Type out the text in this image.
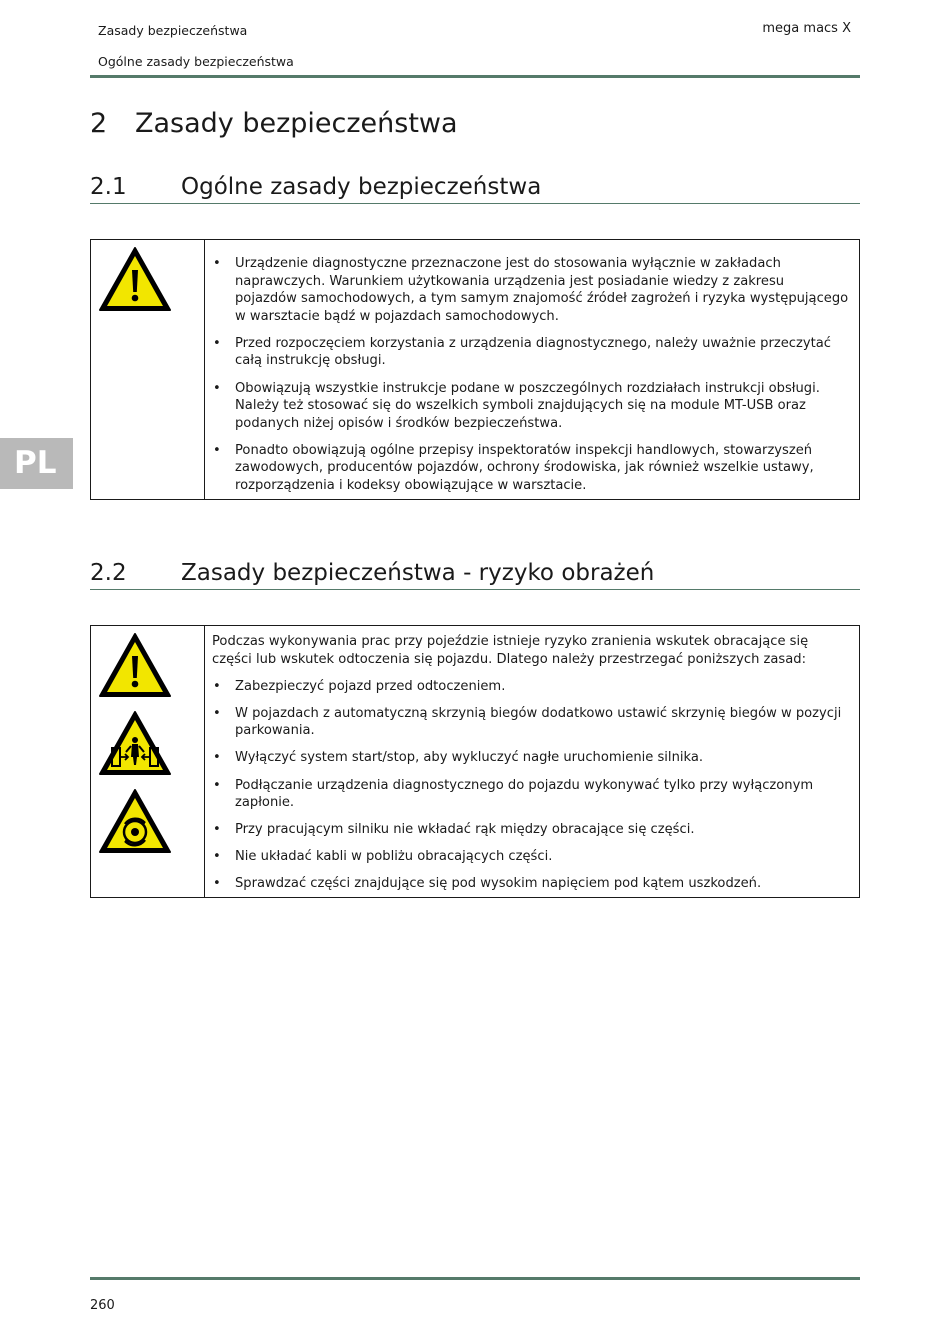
Zasady bezpieczeństwa
Ogólne zasady bezpieczeństwa
mega macs X
2 Zasady bezpieczeństwa
2.1 Ogólne zasady bezpieczeństwa
• Urządzenie diagnostyczne przeznaczone jest do stosowania wyłącznie w zakładach naprawczych. Warunkiem użytkowania urządzenia jest posiadanie wiedzy z zakresu pojazdów samochodowych, a tym samym znajomość źródeł zagrożeń i ryzyka występującego w warsztacie bądź w pojazdach samochodowych.
• Przed rozpoczęciem korzystania z urządzenia diagnostycznego, należy uważnie przeczytać całą instrukcję obsługi.
• Obowiązują wszystkie instrukcje podane w poszczególnych rozdziałach instrukcji obsługi. Należy też stosować się do wszelkich symboli znajdujących się na module MT-USB oraz podanych niżej opisów i środków bezpieczeństwa.
• Ponadto obowiązują ogólne przepisy inspektoratów inspekcji handlowych, stowarzyszeń zawodowych, producentów pojazdów, ochrony środowiska, jak również wszelkie ustawy, rozporządzenia i kodeksy obowiązujące w warsztacie.
PL
2.2 Zasady bezpieczeństwa - ryzyko obrażeń

Podczas wykonywania prac przy pojeździe istnieje ryzyko zranienia wskutek obracające się części lub wskutek odtoczenia się pojazdu. Dlatego należy przestrzegać poniższych zasad:

• Zabezpieczyć pojazd przed odtoczeniem.
• W pojazdach z automatyczną skrzynią biegów dodatkowo ustawić skrzynię biegów w pozycji parkowania.
• Wyłączyć system start/stop, aby wykluczyć nagłe uruchomienie silnika.
• Podłączanie urządzenia diagnostycznego do pojazdu wykonywać tylko przy wyłączonym zapłonie.
• Przy pracującym silniku nie wkładać rąk między obracające się części.
• Nie układać kabli w pobliżu obracających części.
• Sprawdzać części znajdujące się pod wysokim napięciem pod kątem uszkodzeń.
260
